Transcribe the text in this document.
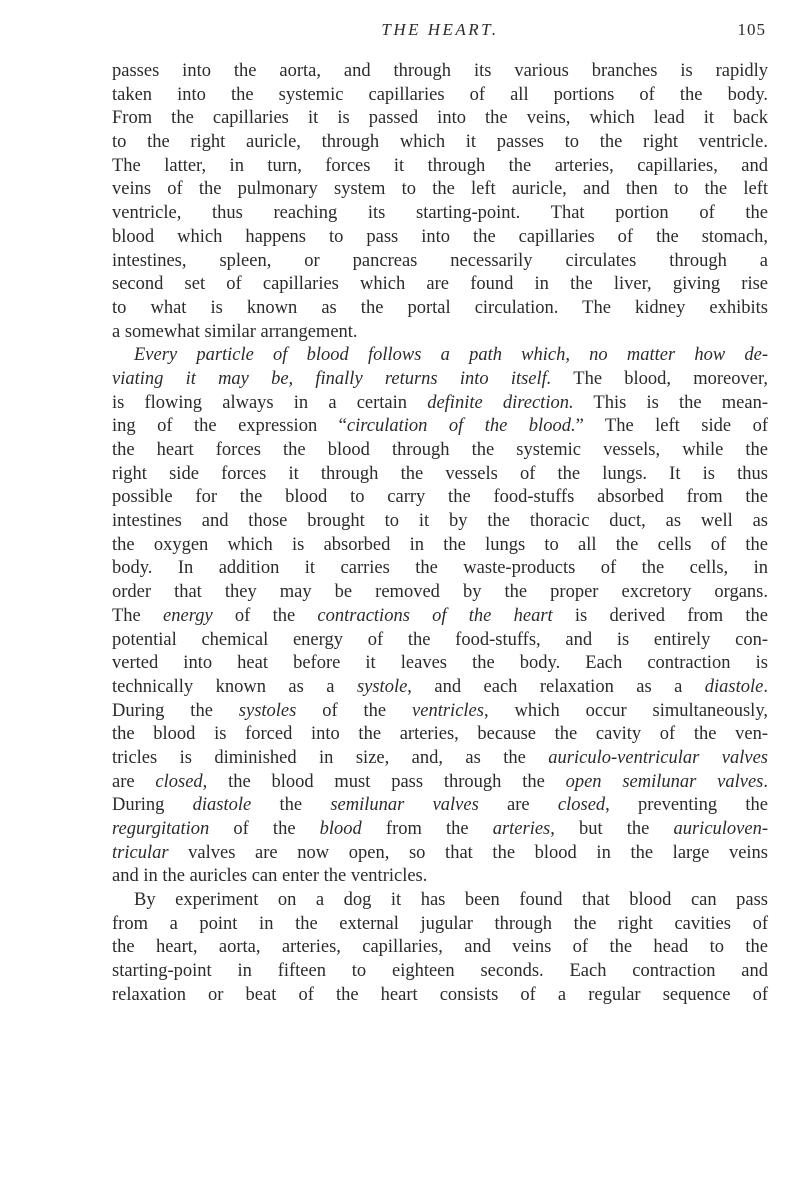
THE HEART.	105
passes into the aorta, and through its various branches is rapidly
taken into the systemic capillaries of all portions of the body.
From the capillaries it is passed into the veins, which lead it back
to the right auricle, through which it passes to the right ventricle.
The latter, in turn, forces it through the arteries, capillaries, and
veins of the pulmonary system to the left auricle, and then to the left
ventricle, thus reaching its starting-point. That portion of the
blood which happens to pass into the capillaries of the stomach,
intestines, spleen, or pancreas necessarily circulates through a
second set of capillaries which are found in the liver, giving rise
to what is known as the portal circulation. The kidney exhibits
a somewhat similar arrangement.
Every particle of blood follows a path which, no matter how de-
viating it may be, finally returns into itself. The blood, moreover,
is flowing always in a certain definite direction. This is the mean-
ing of the expression “circulation of the blood.” The left side of
the heart forces the blood through the systemic vessels, while the
right side forces it through the vessels of the lungs. It is thus
possible for the blood to carry the food-stuffs absorbed from the
intestines and those brought to it by the thoracic duct, as well as
the oxygen which is absorbed in the lungs to all the cells of the
body. In addition it carries the waste-products of the cells, in
order that they may be removed by the proper excretory organs.
The energy of the contractions of the heart is derived from the
potential chemical energy of the food-stuffs, and is entirely con-
verted into heat before it leaves the body. Each contraction is
technically known as a systole, and each relaxation as a diastole.
During the systoles of the ventricles, which occur simultaneously,
the blood is forced into the arteries, because the cavity of the ven-
tricles is diminished in size, and, as the auriculo-ventricular valves
are closed, the blood must pass through the open semilunar valves.
During diastole the semilunar valves are closed, preventing the
regurgitation of the blood from the arteries, but the auriculoven-
tricular valves are now open, so that the blood in the large veins
and in the auricles can enter the ventricles.
By experiment on a dog it has been found that blood can pass
from a point in the external jugular through the right cavities of
the heart, aorta, arteries, capillaries, and veins of the head to the
starting-point in fifteen to eighteen seconds. Each contraction and
relaxation or beat of the heart consists of a regular sequence of
